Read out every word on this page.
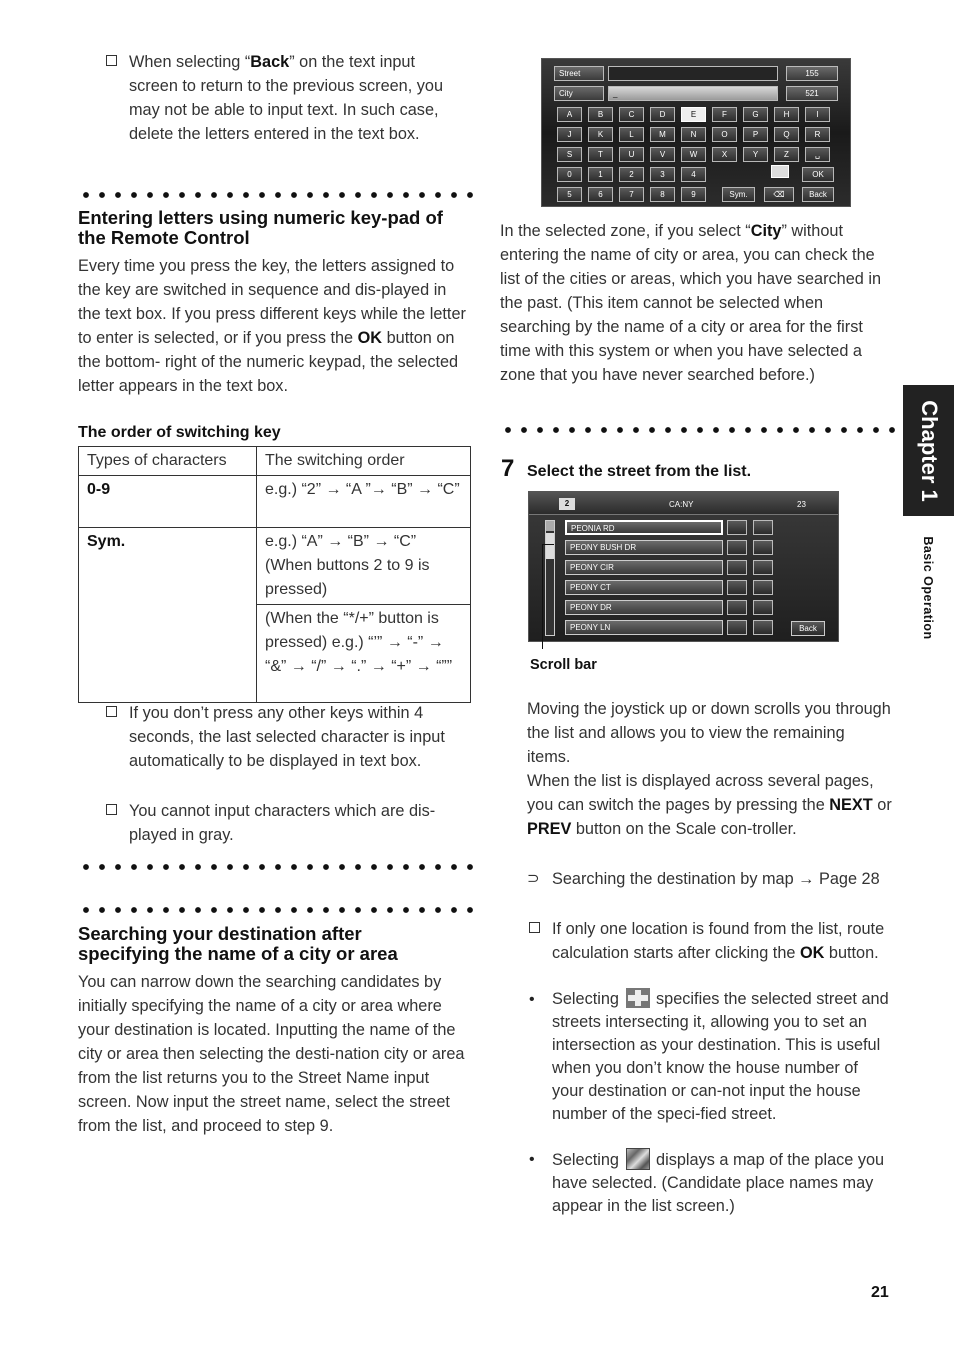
When selecting “Back” on the text input screen to return to the previous screen, you may not be able to input text. In such case, delete the letters entered in the text box.
Entering letters using numeric key-pad of the Remote Control
Every time you press the key, the letters assigned to the key are switched in sequence and dis-played in the text box. If you press different keys while the letter to enter is selected, or if you press the OK button on the bottom- right of the numeric keypad, the selected letter appears in the text box.
The order of switching key
Types of characters	The switching order
0-9	e.g.) “2” → “A ”→ “B” → “C”
Sym.	e.g.) “A” → “B” → “C” (When buttons 2 to 9 is pressed)
	(When the “*/+” button is pressed) e.g.) “’” → “-” → “&” → “/” → “.” → “+” → “””
If you don’t press any other keys within 4 seconds, the last selected character is input automatically to be displayed in text box.
You cannot input characters which are dis-played in gray.
Searching your destination after specifying the name of a city or area
You can narrow down the searching candidates by initially specifying the name of a city or area where your destination is located. Inputting the name of the city or area then selecting the desti-nation city or area from the list returns you to the Street Name input screen. Now input the street name, select the street from the list, and proceed to step 9.
Street	155
City	_	521
A	B	C	D	E	F	G	H	I
J	K	L	M	N	O	P	Q	R
S	T	U	V	W	X	Y	Z	␣
0	1	2	3	4	OK
5	6	7	8	9	Sym.	⌫	Back
In the selected zone, if you select “City” without entering the name of city or area, you can check the list of the cities or areas, which you have searched in the past. (This item cannot be selected when searching by the name of a city or area for the first time with this system or when you have selected a zone that you have never searched before.)
7 Select the street from the list.
2	CA:NY	23
PEONIA RD
PEONY BUSH DR
PEONY CIR
PEONY CT
PEONY DR
PEONY LN	Back
Scroll bar
Moving the joystick up or down scrolls you through the list and allows you to view the remaining items.
When the list is displayed across several pages, you can switch the pages by pressing the NEXT or PREV button on the Scale con-troller.
⊃ Searching the destination by map → Page 28
If only one location is found from the list, route calculation starts after clicking the OK button.
•	Selecting
specifies the selected street and streets intersecting it, allowing you to set an intersection as your destination. This is useful when you don’t know the house number of your destination or can-not input the house number of the speci-fied street.
•	Selecting  displays a map of the place you have selected. (Candidate place names may appear in the list screen.)
Chapter 1
Basic Operation
21
